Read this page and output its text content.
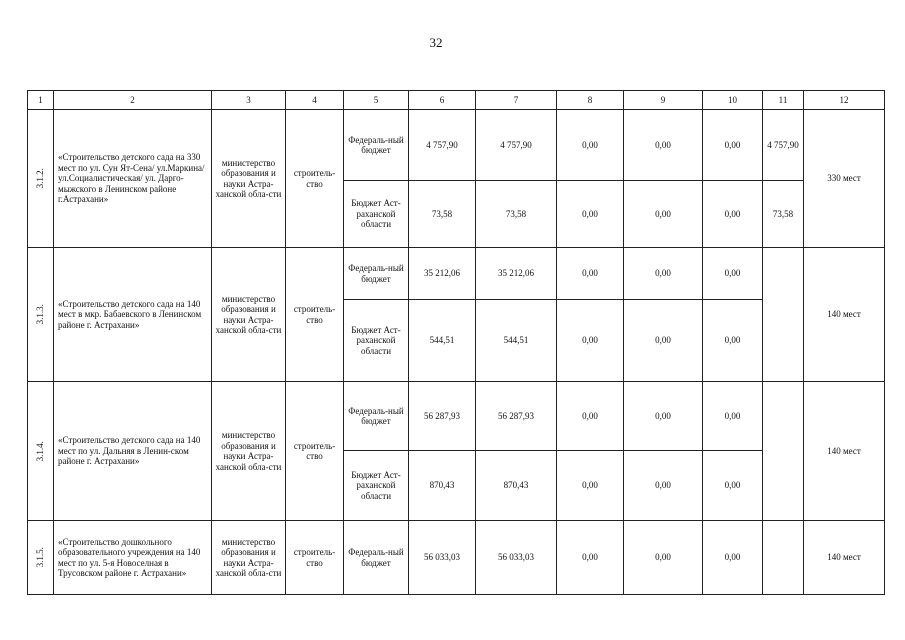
32
1	2	3	4	5	6	7	8	9	10	11	12
3.1.2.	«Строительство детского сада на 330 мест по ул. Сун Ят-Сена/ ул.Маркина/ ул.Социалистическая/ ул. Дарго-мыжского в Ленинском районе г.Астрахани»	министерство образования и науки Астра-ханской обла-сти	строитель-ство	Федераль-ный бюджет	4 757,90	4 757,90	0,00	0,00	0,00	4 757,90	330 мест
				Бюджет Аст-раханской области	73,58	73,58	0,00	0,00	0,00	73,58	
3.1.3.	«Строительство детского сада на 140 мест в мкр. Бабаевского в Ленинском районе г. Астрахани»	министерство образования и науки Астра-ханской обла-сти	строитель-ство	Федераль-ный бюджет	35 212,06	35 212,06	0,00	0,00	0,00		140 мест
				Бюджет Аст-раханской области	544,51	544,51	0,00	0,00	0,00		
3.1.4.	«Строительство детского сада на 140 мест по ул. Дальняя в Ленин-ском районе г. Астрахани»	министерство образования и науки Астра-ханской обла-сти	строитель-ство	Федераль-ный бюджет	56 287,93	56 287,93	0,00	0,00	0,00		140 мест
				Бюджет Аст-раханской области	870,43	870,43	0,00	0,00	0,00		
3.1.5.	«Строительство дошкольного образовательного учреждения на 140 мест по ул. 5-я Новоселная в Трусовском районе г. Астрахани»	министерство образования и науки Астра-ханской обла-сти	строитель-ство	Федераль-ный бюджет	56 033,03	56 033,03	0,00	0,00	0,00		140 мест
